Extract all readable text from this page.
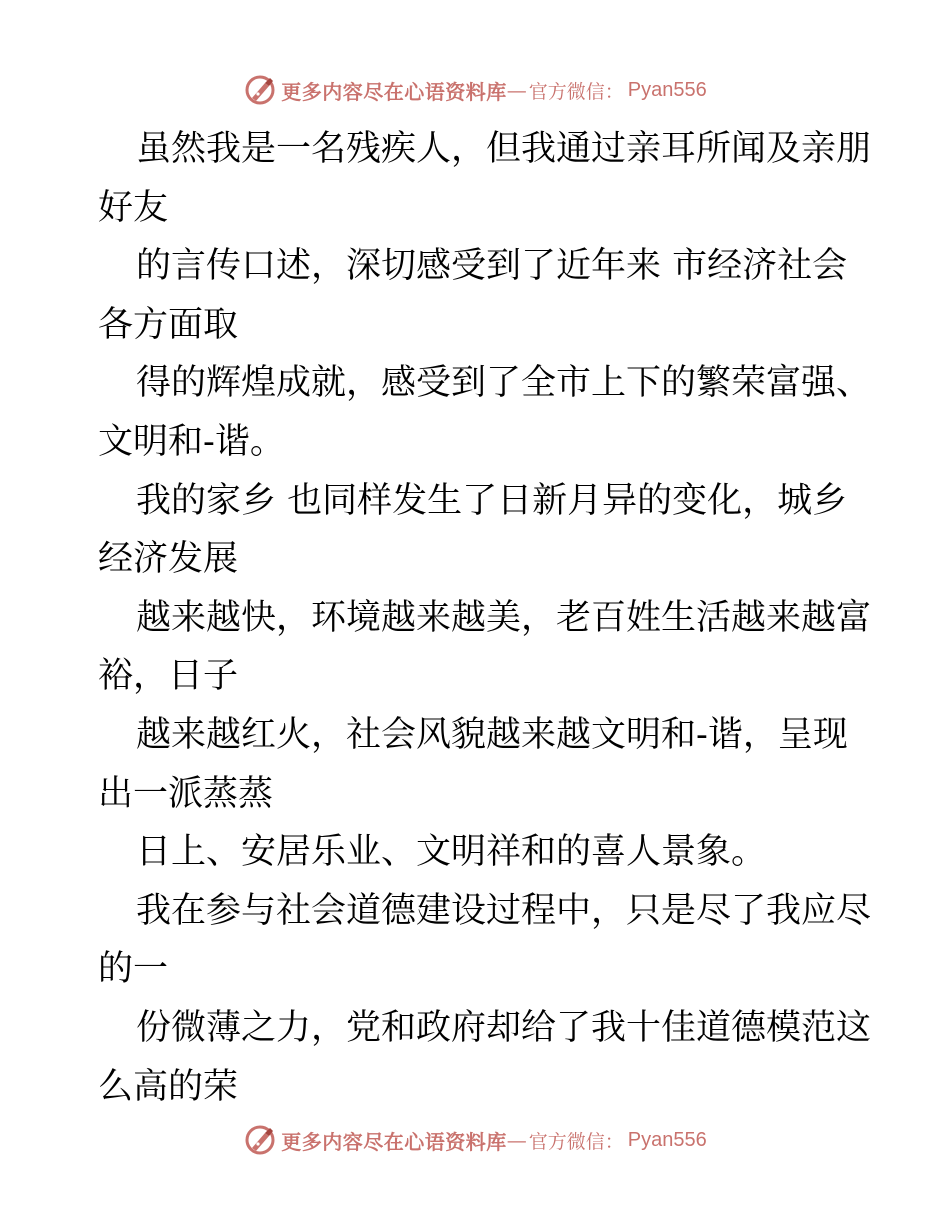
更多内容尽在心语资料库 — 官方微信： Pyan556
虽然我是一名残疾人，但我通过亲耳所闻及亲朋
好友
的言传口述，深切感受到了近年来 市经济社会
各方面取
得的辉煌成就，感受到了全市上下的繁荣富强、
文明和-谐。
我的家乡 也同样发生了日新月异的变化，城乡
经济发展
越来越快，环境越来越美，老百姓生活越来越富
裕，日子
越来越红火，社会风貌越来越文明和-谐，呈现
出一派蒸蒸
日上、安居乐业、文明祥和的喜人景象。
我在参与社会道德建设过程中，只是尽了我应尽
的一
份微薄之力，党和政府却给了我十佳道德模范这
么高的荣
更多内容尽在心语资料库 — 官方微信： Pyan556
